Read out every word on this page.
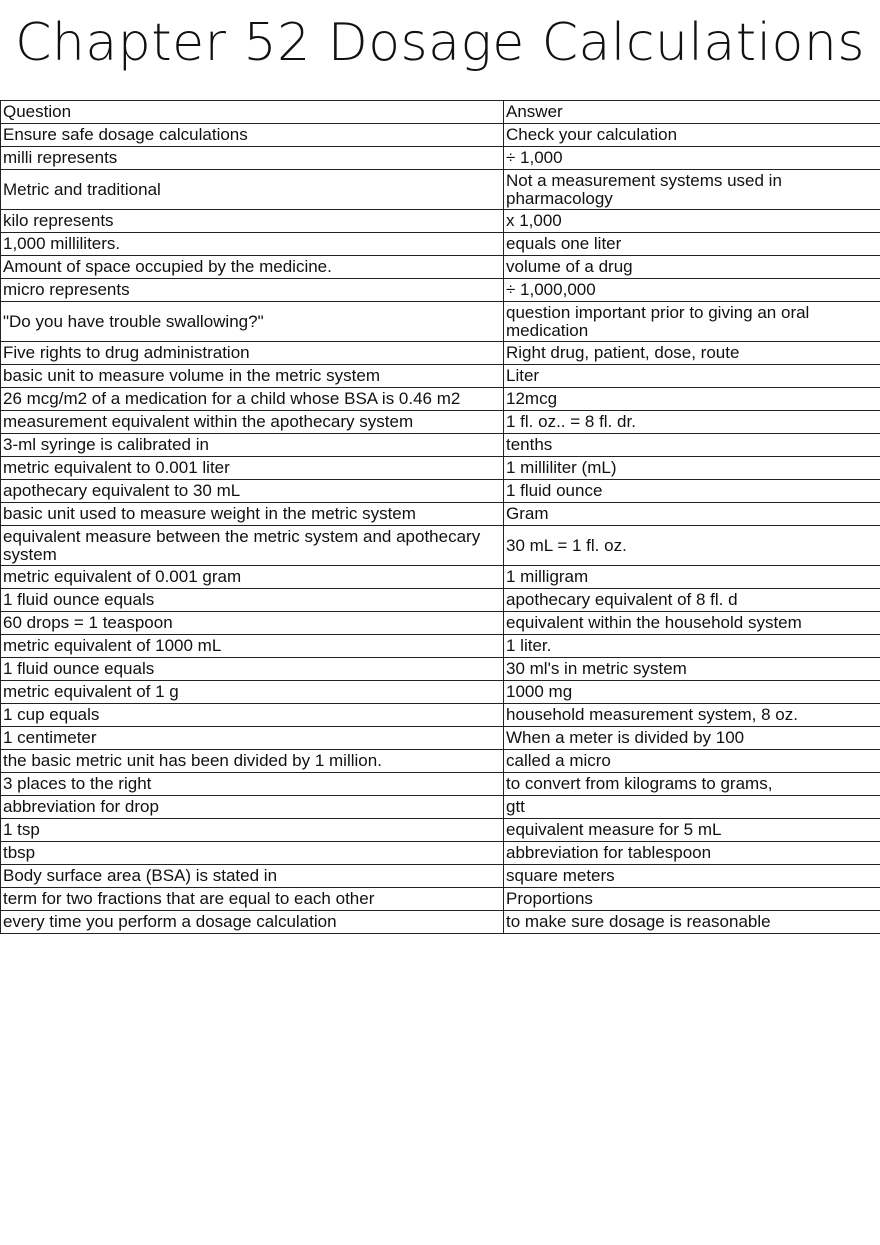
Chapter 52 Dosage Calculations
Question	Answer
Ensure safe dosage calculations	Check your calculation
milli represents	÷ 1,000
Metric and traditional	Not a measurement systems used in pharmacology
kilo represents	x 1,000
1,000 milliliters.	equals one liter
Amount of space occupied by the medicine.	volume of a drug
micro represents	÷ 1,000,000
"Do you have trouble swallowing?"	question important prior to giving an oral medication
Five rights to drug administration	Right drug, patient, dose, route
basic unit to measure volume in the metric system	Liter
26 mcg/m2 of a medication for a child whose BSA is 0.46 m2	12mcg
measurement equivalent within the apothecary system	1 fl. oz.. = 8 fl. dr.
3-ml syringe is calibrated in	tenths
metric equivalent to 0.001 liter	1 milliliter (mL)
apothecary equivalent to 30 mL	1 fluid ounce
basic unit used to measure weight in the metric system	Gram
equivalent measure between the metric system and apothecary system	30 mL = 1 fl. oz.
metric equivalent of 0.001 gram	1 milligram
1 fluid ounce equals	apothecary equivalent of 8 fl. d
60 drops = 1 teaspoon	equivalent within the household system
metric equivalent of 1000 mL	1 liter.
1 fluid ounce equals	30 ml's in metric system
metric equivalent of 1 g	1000 mg
1 cup equals	household measurement system, 8 oz.
1 centimeter	When a meter is divided by 100
the basic metric unit has been divided by 1 million.	called a micro
3 places to the right	to convert from kilograms to grams,
abbreviation for drop	gtt
1 tsp	equivalent measure for 5 mL
tbsp	abbreviation for tablespoon
Body surface area (BSA) is stated in	square meters
term for two fractions that are equal to each other	Proportions
every time you perform a dosage calculation	to make sure dosage is reasonable
